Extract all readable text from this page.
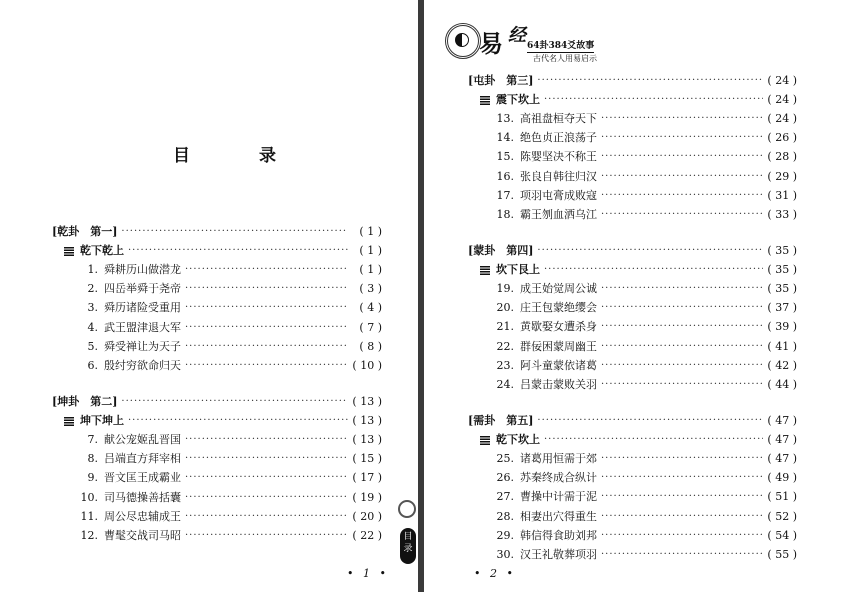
目　录
易 经 64卦384爻故事
古代名人用易启示
[乾卦　第一] ·····	( 1 )
乾下乾上 ·····	( 1 )
1. 舜耕历山做潜龙 ·····	( 1 )
2. 四岳举舜于尧帝 ·····	( 3 )
3. 舜历诸险受重用 ·····	( 4 )
4. 武王盟津退大军 ·····	( 7 )
5. 舜受禅让为天子 ·····	( 8 )
6. 殷纣穷欲命归天 ·····	( 10 )
[坤卦　第二] ·····	( 13 )
坤下坤上 ·····	( 13 )
7. 献公宠姬乱晋国 ·····	( 13 )
8. 吕端直方拜宰相 ·····	( 15 )
9. 晋文匡王成霸业 ·····	( 17 )
10. 司马德操善括囊 ·····	( 19 )
11. 周公尽忠辅成王 ·····	( 20 )
12. 曹髦交战司马昭 ·····	( 22 )
[屯卦　第三] ·····	( 24 )
震下坎上 ·····	( 24 )
13. 高祖盘桓夺天下 ·····	( 24 )
14. 绝色贞正浪荡子 ·····	( 26 )
15. 陈婴坚决不称王 ·····	( 28 )
16. 张良自韩往归汉 ·····	( 29 )
17. 项羽屯膏成败寇 ·····	( 31 )
18. 霸王刎血洒乌江 ·····	( 33 )
[蒙卦　第四] ·····	( 35 )
坎下艮上 ·····	( 35 )
19. 成王始觉周公诚 ·····	( 35 )
20. 庄王包蒙绝缨会 ·····	( 37 )
21. 黄歇娶女遭杀身 ·····	( 39 )
22. 群佞困蒙周幽王 ·····	( 41 )
23. 阿斗童蒙依诸葛 ·····	( 42 )
24. 吕蒙击蒙败关羽 ·····	( 44 )
[需卦　第五] ·····	( 47 )
乾下坎上 ·····	( 47 )
25. 诸葛用恒需于郊 ·····	( 47 )
26. 苏秦终成合纵计 ·····	( 49 )
27. 曹操中计需于泥 ·····	( 51 )
28. 相妻出穴得重生 ·····	( 52 )
29. 韩信得食助刘邦 ·····	( 54 )
30. 汉王礼敬葬项羽 ·····	( 55 )
• 1 •	• 2 •
目录
